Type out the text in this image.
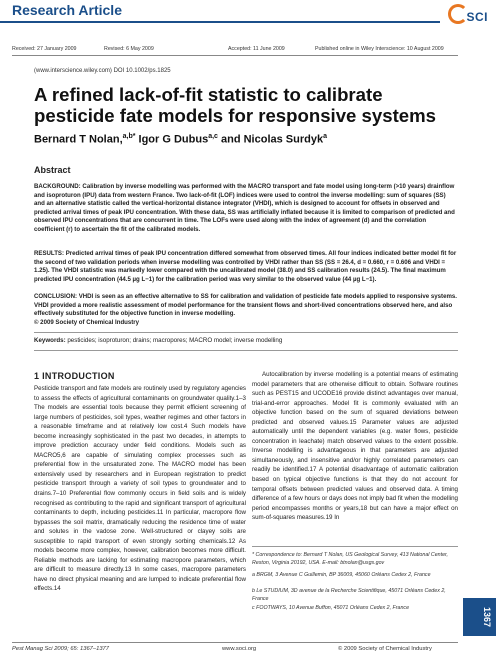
Research Article	SCI
Received: 27 January 2009	Revised: 6 May 2009	Accepted: 11 June 2009	Published online in Wiley Interscience: 10 August 2009
(www.interscience.wiley.com) DOI 10.1002/ps.1825
A refined lack-of-fit statistic to calibrate pesticide fate models for responsive systems
Bernard T Nolan,$^{a,b*}$ Igor G Dubus$^{a,c}$ and Nicolas Surdyk$^a$
Abstract
BACKGROUND: Calibration by inverse modelling was performed with the MACRO transport and fate model using long-term (>10 years) drainflow and isoproturon (IPU) data from western France. Two lack-of-fit (LOF) indices were used to control the inverse modelling: sum of squares (SS) and an alternative statistic called the vertical-horizontal distance integrator (VHDI), which is designed to account for offsets in observed and predicted arrival times of peak IPU concentration. With these data, SS was artificially inflated because it is limited to comparison of predicted and observed IPU concentrations that are concurrent in time. The LOFs were used along with the index of agreement (d) and the correlation coefficient (r) to ascertain the fit of the calibrated models.
RESULTS: Predicted arrival times of peak IPU concentration differed somewhat from observed times. All four indices indicated better model fit for the second of two validation periods when inverse modelling was controlled by VHDI rather than SS (SS = 26.4, d = 0.660, r = 0.606 and VHDI = 1.25). The VHDI statistic was markedly lower compared with the uncalibrated model (38.0) and SS calibration results (24.5). The final maximum predicted IPU concentration (44.5 µg L−1) for the calibration period was very similar to the observed value (44 µg L−1).
CONCLUSION: VHDI is seen as an effective alternative to SS for calibration and validation of pesticide fate models applied to responsive systems. VHDI provided a more realistic assessment of model performance for the transient flows and short-lived concentrations observed here, and also effectively substituted for the objective function in inverse modelling.
© 2009 Society of Chemical Industry
Keywords: pesticides; isoproturon; drains; macropores; MACRO model; inverse modelling
1 INTRODUCTION
Pesticide transport and fate models are routinely used by regulatory agencies to assess the effects of agricultural contaminants on groundwater quality.1–3 The models are essential tools because they permit efficient screening of large numbers of pesticides, soil types, weather regimes and other factors in a reasonable timeframe and at relatively low cost.4 Such models have become increasingly sophisticated in the past two decades, in attempts to improve prediction accuracy under field conditions. Models such as MACRO5,6 are capable of simulating complex processes such as preferential flow in the unsaturated zone. The MACRO model has been extensively used by researchers and in European registration to predict pesticide transport through a variety of soil types to groundwater and to drains.7–10 Preferential flow commonly occurs in field soils and is widely recognised as contributing to the rapid and significant transport of agricultural contaminants to depth, including pesticides.11 In particular, macropore flow bypasses the soil matrix, dramatically reducing the residence time of water and solutes in the vadose zone. Well-structured or clayey soils are susceptible to rapid transport of even strongly sorbing chemicals.12 As models become more complex, however, calibration becomes more difficult. Reliable methods are lacking for estimating macropore parameters, which are difficult to measure directly.13 In some cases, macropore parameters have no direct physical meaning and are lumped to indicate preferential flow effects.14
Autocalibration by inverse modelling is a potential means of estimating model parameters that are otherwise difficult to obtain. Software routines such as PEST15 and UCODE16 provide distinct advantages over manual, trial-and-error approaches. Model fit is commonly evaluated with an objective function based on the sum of squared deviations between predicted and observed values.15 Parameter values are adjusted automatically until the dependent variables (e.g. water flows, pesticide concentration in leachate) match observed values to the extent possible. Inverse modelling is advantageous in that parameters are adjusted simultaneously, and insensitive and/or highly correlated parameters can readily be identified.17 A potential disadvantage of automatic calibration based on typical objective functions is that they do not account for temporal offsets between predicted values and observed data. A timing difference of a few hours or days does not imply bad fit when the modelling period encompasses months or years,18 but can have a major effect on sum-of-squares measures.19 In
* Correspondence to: Bernard T Nolan, US Geological Survey, 413 National Center, Reston, Virginia 20192, USA. E-mail: btnolan@usgs.gov
a BRGM, 3 Avenue C Guillemin, BP 36009, 45060 Orléans Cedex 2, France
b Le STUDIUM, 3D avenue de la Recherche Scientifique, 45071 Orléans Cedex 2, France
c FOOTWAYS, 10 Avenue Buffon, 45071 Orléans Cedex 2, France	1367
Pest Manag Sci 2009; 65: 1367–1377	www.soci.org	© 2009 Society of Chemical Industry
